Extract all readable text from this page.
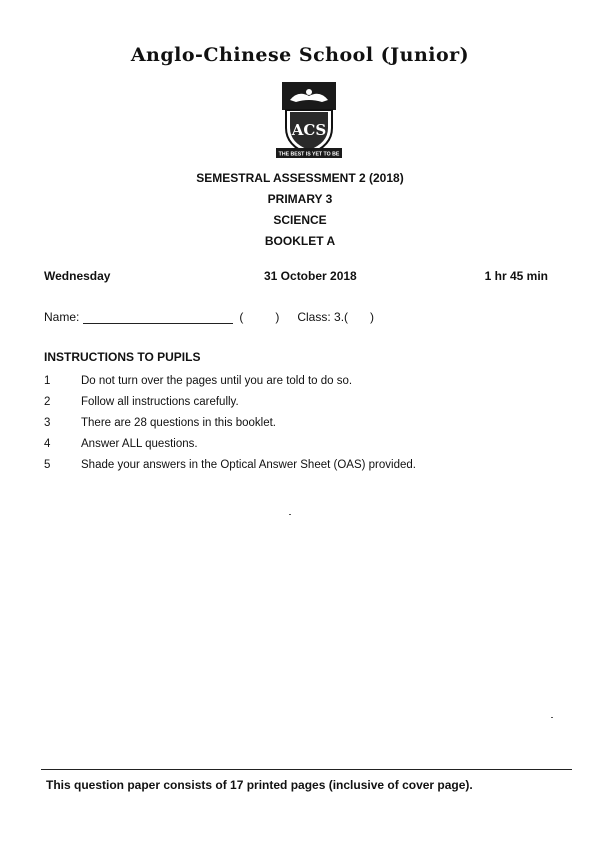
Anglo-Chinese School (Junior)
ACS
THE BEST IS YET TO BE
SEMESTRAL ASSESSMENT 2 (2018)
PRIMARY 3
SCIENCE
BOOKLET A
Wednesday	31 October 2018	1 hr 45 min
Name:	(	) Class: 3.( )
INSTRUCTIONS TO PUPILS
1	Do not turn over the pages until you are told to do so.
2	Follow all instructions carefully.
3	There are 28 questions in this booklet.
4	Answer ALL questions.
5	Shade your answers in the Optical Answer Sheet (OAS) provided.
This question paper consists of 17 printed pages (inclusive of cover page).
